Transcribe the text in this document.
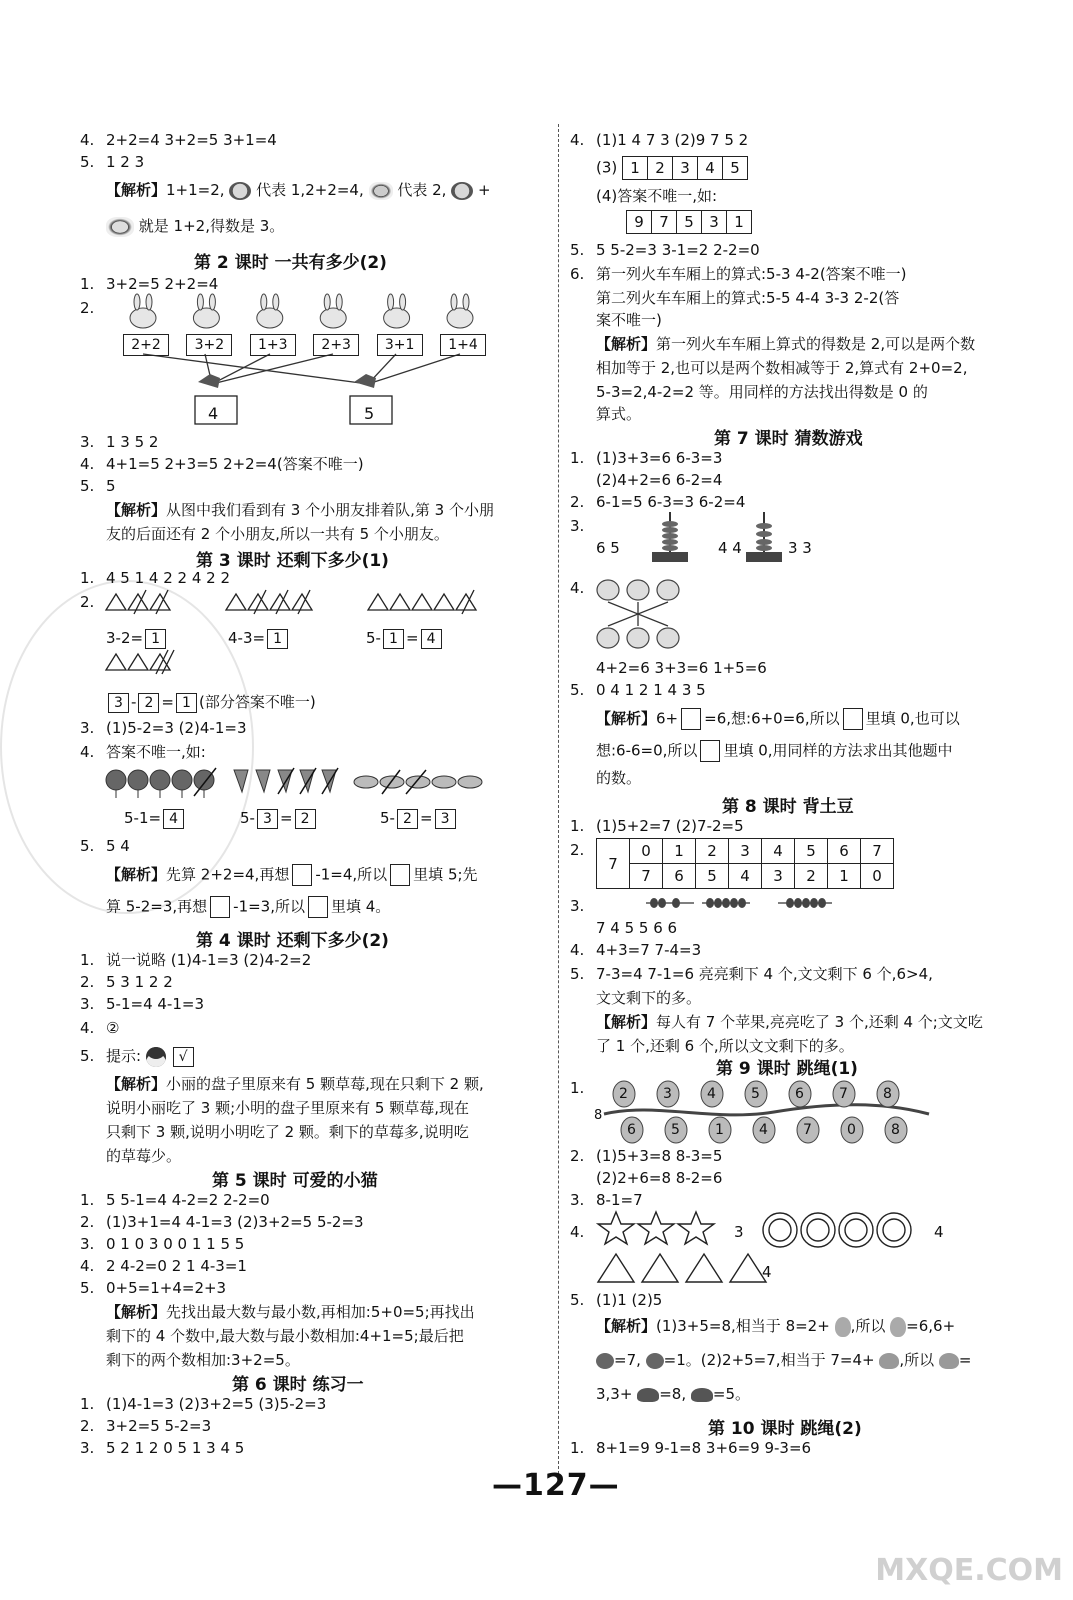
4. 2+2=4 3+2=5 3+1=4
5. 1 2 3
【解析】1+1=2, 代表 1,2+2=4, 代表 2, +
就是 1+2,得数是 3。
第 2 课时 一共有多少(2)
1. 3+2=5 2+2=4
2.
2+2	3+2	1+3	2+3	3+1	1+4
4	5
3. 1 3 5 2
4. 4+1=5 2+3=5 2+2=4(答案不唯一)
5. 5
【解析】从图中我们看到有 3 个小朋友排着队,第 3 个小朋
友的后面还有 2 个小朋友,所以一共有 5 个小朋友。
第 3 课时 还剩下多少(1)
1. 4 5 1 4 2 2 4 2 2
2.
3-2= 1	4-3= 1	5- 1 = 4
3 - 2 = 1 (部分答案不唯一)
3. (1)5-2=3 (2)4-1=3
4. 答案不唯一,如:
5-1= 4	5- 3 = 2	5- 2 = 3
5. 5 4
【解析】先算 2+2=4,再想 -1=4,所以 里填 5;先
算 5-2=3,再想 -1=3,所以 里填 4。
第 4 课时 还剩下多少(2)
1. 说一说略 (1)4-1=3 (2)4-2=2
2. 5 3 1 2 2
3. 5-1=4 4-1=3
4. ②
5. 提示:	√
【解析】小丽的盘子里原来有 5 颗草莓,现在只剩下 2 颗,
说明小丽吃了 3 颗;小明的盘子里原来有 5 颗草莓,现在
只剩下 3 颗,说明小明吃了 2 颗。剩下的草莓多,说明吃
的草莓少。
第 5 课时 可爱的小猫
1. 5 5-1=4 4-2=2 2-2=0
2. (1)3+1=4 4-1=3 (2)3+2=5 5-2=3
3. 0 1 0 3 0 0 1 1 5 5
4. 2 4-2=0 2 1 4-3=1
5. 0+5=1+4=2+3
【解析】先找出最大数与最小数,再相加:5+0=5;再找出
剩下的 4 个数中,最大数与最小数相加:4+1=5;最后把
剩下的两个数相加:3+2=5。
第 6 课时 练习一
1. (1)4-1=3 (2)3+2=5 (3)5-2=3
2. 3+2=5 5-2=3
3. 5 2 1 2 0 5 1 3 4 5
4. (1)1 4 7 3 (2)9 7 5 2
(3) 1 2 3 4 5
(4)答案不唯一,如:
9 7 5 3 1
5. 5 5-2=3 3-1=2 2-2=0
6. 第一列火车车厢上的算式:5-3 4-2(答案不唯一)
第二列火车车厢上的算式:5-5 4-4 3-3 2-2(答
案不唯一)
【解析】第一列火车车厢上算式的得数是 2,可以是两个数
相加等于 2,也可以是两个数相减等于 2,算式有 2+0=2,
5-3=2,4-2=2 等。用同样的方法找出得数是 0 的
算式。
第 7 课时 猜数游戏
1. (1)3+3=6 6-3=3
(2)4+2=6 6-2=4
2. 6-1=5 6-3=3 6-2=4
3.
6 5	4 4	3 3
4.
4+2=6 3+3=6 1+5=6
5. 0 4 1 2 1 4 3 5
【解析】6+ =6,想:6+0=6,所以 里填 0,也可以
想:6-6=0,所以 里填 0,用同样的方法求出其他题中
的数。
第 8 课时 背土豆
1. (1)5+2=7 (2)7-2=5
2.
7	0	1	2	3	4	5	6	7
	7	6	5	4	3	2	1	0
3.
7 4 5 5 6 6
4. 4+3=7 7-4=3
5. 7-3=4 7-1=6 亮亮剩下 4 个,文文剩下 6 个,6>4,
文文剩下的多。
【解析】每人有 7 个苹果,亮亮吃了 3 个,还剩 4 个;文文吃
了 1 个,还剩 6 个,所以文文剩下的多。
第 9 课时 跳绳(1)
1.	2
6
3
5
4
1
5
4
6
7
7
0
8
8
8
2. (1)5+3=8 8-3=5
(2)2+6=8 8-2=6
3. 8-1=7
4.	3	4
4
5. (1)1 (2)5
【解析】(1)3+5=8,相当于 8=2+ ,所以 =6,6+
=7, =1。(2)2+5=7,相当于 7=4+ ,所以 =
3,3+ =8, =5。
第 10 课时 跳绳(2)
1. 8+1=9 9-1=8 3+6=9 9-3=6
—127—
MXQE.COM
